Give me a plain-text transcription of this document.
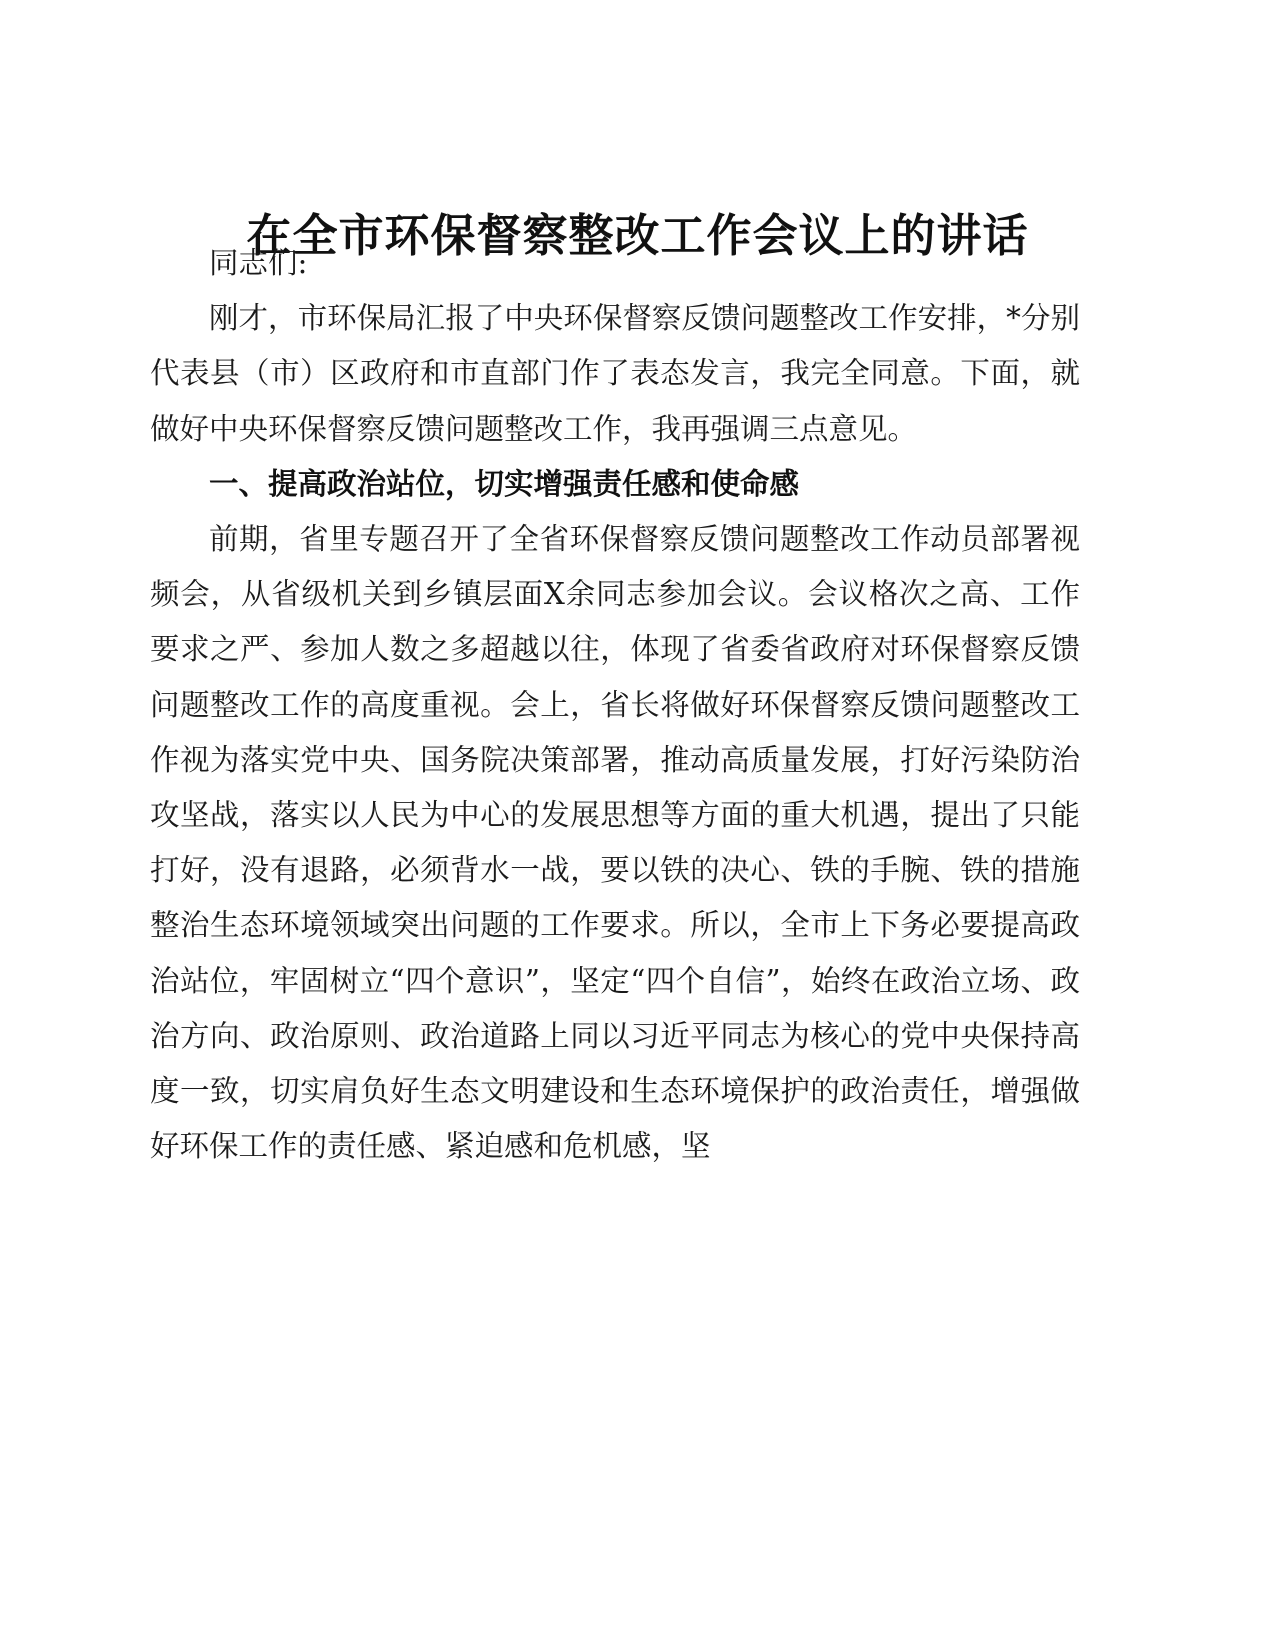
在全市环保督察整改工作会议上的讲话

同志们:

刚才，市环保局汇报了中央环保督察反馈问题整改工作安排，*分别代表县（市）区政府和市直部门作了表态发言，我完全同意。下面，就做好中央环保督察反馈问题整改工作，我再强调三点意见。

一、提高政治站位，切实增强责任感和使命感

前期，省里专题召开了全省环保督察反馈问题整改工作动员部署视频会，从省级机关到乡镇层面X余同志参加会议。会议格次之高、工作要求之严、参加人数之多超越以往，体现了省委省政府对环保督察反馈问题整改工作的高度重视。会上，省长将做好环保督察反馈问题整改工作视为落实党中央、国务院决策部署，推动高质量发展，打好污染防治攻坚战，落实以人民为中心的发展思想等方面的重大机遇，提出了只能打好，没有退路，必须背水一战，要以铁的决心、铁的手腕、铁的措施整治生态环境领域突出问题的工作要求。所以，全市上下务必要提高政治站位，牢固树立“四个意识”，坚定“四个自信”，始终在政治立场、政治方向、政治原则、政治道路上同以习近平同志为核心的党中央保持高度一致，切实肩负好生态文明建设和生态环境保护的政治责任，增强做好环保工作的责任感、紧迫感和危机感，坚
